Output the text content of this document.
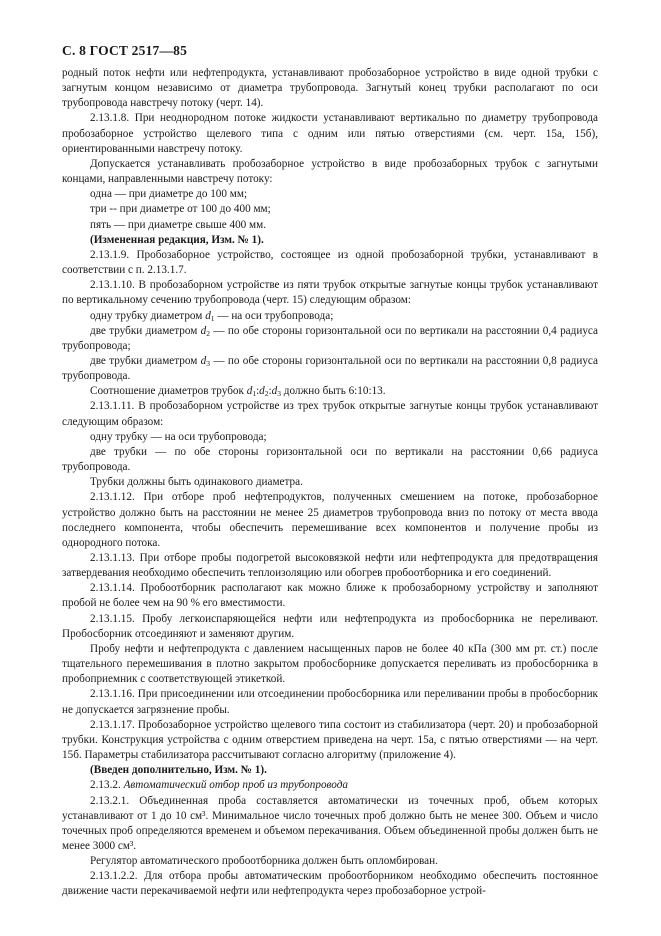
С. 8 ГОСТ 2517—85

родный поток нефти или нефтепродукта, устанавливают пробозаборное устройство в виде одной трубки с загнутым концом независимо от диаметра трубопровода. Загнутый конец трубки располагают по оси трубопровода навстречу потоку (черт. 14).

2.13.1.8. При неоднородном потоке жидкости устанавливают вертикально по диаметру трубопровода пробозаборное устройство щелевого типа с одним или пятью отверстиями (см. черт. 15а, 15б), ориентированными навстречу потоку.

Допускается устанавливать пробозаборное устройство в виде пробозаборных трубок с загнутыми концами, направленными навстречу потоку:

одна — при диаметре до 100 мм;

три -- при диаметре от 100 до 400 мм;

пять — при диаметре свыше 400 мм.

(Измененная редакция, Изм. № 1).

2.13.1.9. Пробозаборное устройство, состоящее из одной пробозаборной трубки, устанавливают в соответствии с п. 2.13.1.7.

2.13.1.10. В пробозаборном устройстве из пяти трубок открытые загнутые концы трубок устанавливают по вертикальному сечению трубопровода (черт. 15) следующим образом:

одну трубку диаметром $d_1$ — на оси трубопровода;

две трубки диаметром $d_2$ — по обе стороны горизонтальной оси по вертикали на расстоянии 0,4 радиуса трубопровода;

две трубки диаметром $d_3$ — по обе стороны горизонтальной оси по вертикали на расстоянии 0,8 радиуса трубопровода.

Соотношение диаметров трубок $d_1:d_2:d_3$ должно быть 6:10:13.

2.13.1.11. В пробозаборном устройстве из трех трубок открытые загнутые концы трубок устанавливают следующим образом:

одну трубку — на оси трубопровода;

две трубки — по обе стороны горизонтальной оси по вертикали на расстоянии 0,66 радиуса трубопровода.

Трубки должны быть одинакового диаметра.

2.13.1.12. При отборе проб нефтепродуктов, полученных смешением на потоке, пробозаборное устройство должно быть на расстоянии не менее 25 диаметров трубопровода вниз по потоку от места ввода последнего компонента, чтобы обеспечить перемешивание всех компонентов и получение пробы из однородного потока.

2.13.1.13. При отборе пробы подогретой высоковязкой нефти или нефтепродукта для предотвращения затвердевания необходимо обеспечить теплоизоляцию или обогрев пробоотборника и его соединений.

2.13.1.14. Пробоотборник располагают как можно ближе к пробозаборному устройству и заполняют пробой не более чем на 90 % его вместимости.

2.13.1.15. Пробу легкоиспаряющейся нефти или нефтепродукта из пробосборника не переливают. Пробосборник отсоединяют и заменяют другим.

Пробу нефти и нефтепродукта с давлением насыщенных паров не более 40 кПа (300 мм рт. ст.) после тщательного перемешивания в плотно закрытом пробосборнике допускается переливать из пробосборника в пробоприемник с соответствующей этикеткой.

2.13.1.16. При присоединении или отсоединении пробосборника или переливании пробы в пробосборник не допускается загрязнение пробы.

2.13.1.17. Пробозаборное устройство щелевого типа состоит из стабилизатора (черт. 20) и пробозаборной трубки. Конструкция устройства с одним отверстием приведена на черт. 15а, с пятью отверстиями — на черт. 15б. Параметры стабилизатора рассчитывают согласно алгоритму (приложение 4).

(Введен дополнительно, Изм. № 1).

2.13.2. Автоматический отбор проб из трубопровода

2.13.2.1. Объединенная проба составляется автоматически из точечных проб, объем которых устанавливают от 1 до 10 см³. Минимальное число точечных проб должно быть не менее 300. Объем и число точечных проб определяются временем и объемом перекачивания. Объем объединенной пробы должен быть не менее 3000 см³.

Регулятор автоматического пробоотборника должен быть опломбирован.

2.13.1.2.2. Для отбора пробы автоматическим пробоотборником необходимо обеспечить постоянное движение части перекачиваемой нефти или нефтепродукта через пробозаборное устрой-
